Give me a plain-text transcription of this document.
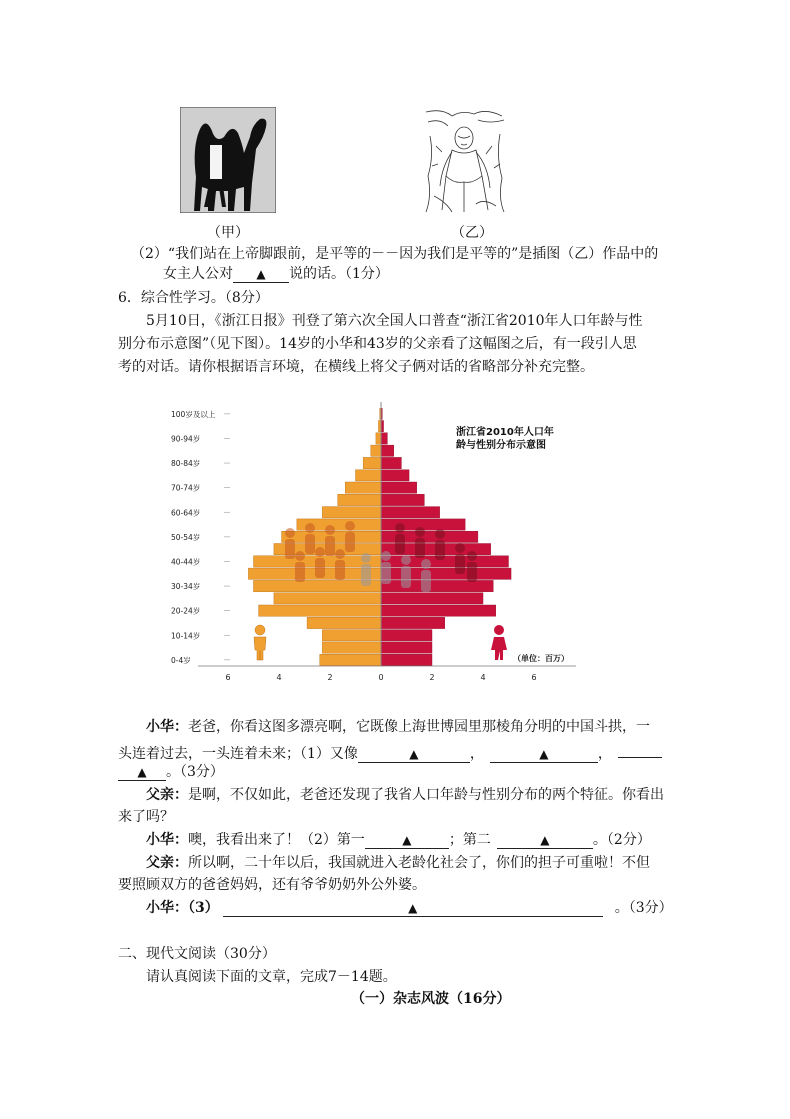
（甲）	（乙）
（2）“我们站在上帝脚跟前，是平等的－－因为我们是平等的”是插图（乙）作品中的
女主人公对 ▲ 说的话。（1分）
6．综合性学习。（8分）
5月10日，《浙江日报》刊登了第六次全国人口普查“浙江省2010年人口年龄与性
别分布示意图”（见下图）。14岁的小华和43岁的父亲看了这幅图之后，有一段引人思
考的对话。请你根据语言环境，在横线上将父子俩对话的省略部分补充完整。
0-4岁
10-14岁
20-24岁
30-34岁
40-44岁
50-54岁
60-64岁
70-74岁
80-84岁
90-94岁
100岁及以上
6	4	2	0	2	4	6
浙江省2010年人口年
龄与性别分布示意图
（单位：百万）
小华：老爸，你看这图多漂亮啊，它既像上海世博园里那棱角分明的中国斗拱，一
头连着过去，一头连着未来；（1）又像	▲	，	▲	，
▲ 。（3分）
父亲：是啊，不仅如此，老爸还发现了我省人口年龄与性别分布的两个特征。你看出
来了吗？
小华：噢，我看出来了！（2）第一	▲	；第二	▲	。（2分）
父亲：所以啊，二十年以后，我国就进入老龄化社会了，你们的担子可重啦！不但
要照顾双方的爸爸妈妈，还有爷爷奶奶外公外婆。
小华：（3）	▲	。（3分）
二、现代文阅读（30分）
请认真阅读下面的文章，完成7－14题。
（一）杂志风波（16分）
